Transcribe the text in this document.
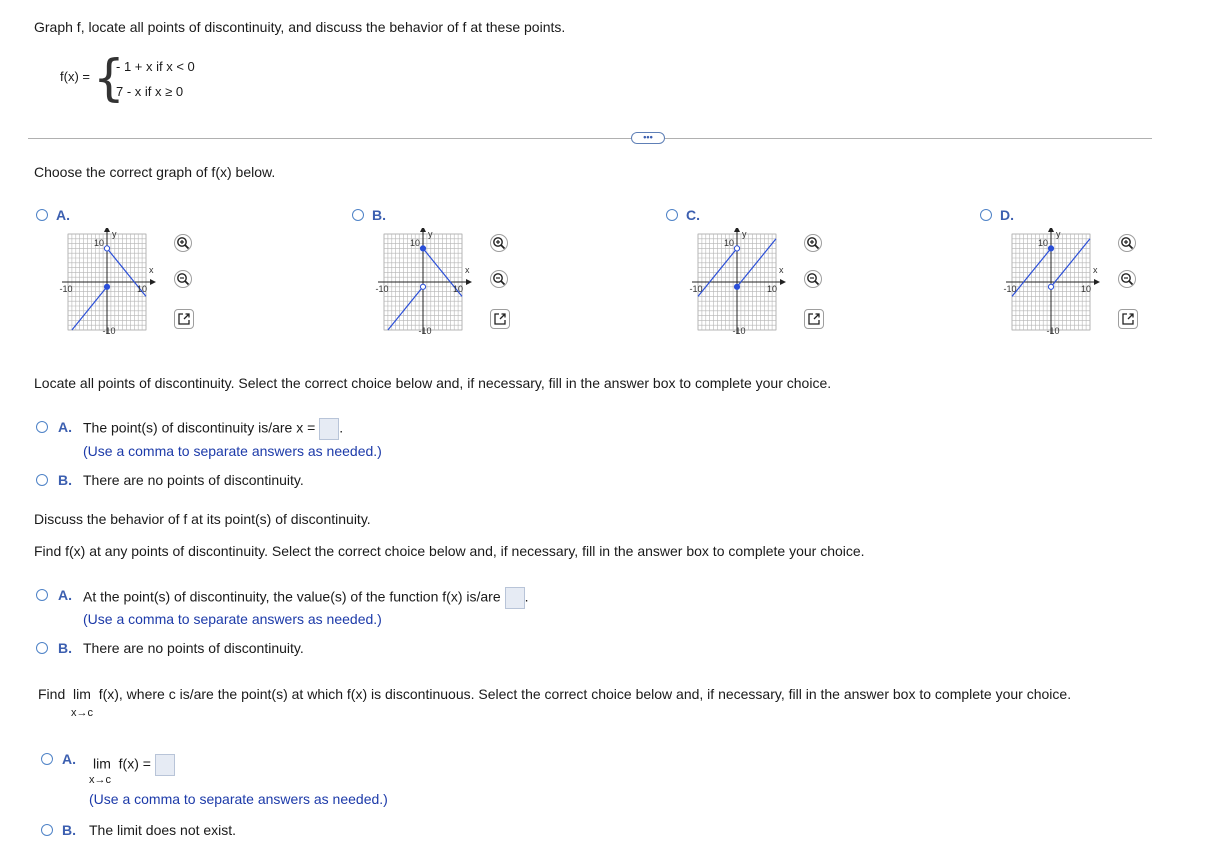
Graph f, locate all points of discontinuity, and discuss the behavior of f at these points.
f(x) = {
- 1 + x if x < 0
7 - x if x ≥ 0
•••
Choose the correct graph of f(x) below.
A.
y
10
x
-10	10
-10
B.
y
10
x
-10	10
-10
C.
y
10
x
-10	10
-10
D.
y
10
x
-10	10
-10
Locate all points of discontinuity. Select the correct choice below and, if necessary, fill in the answer box to complete your choice.
A. The point(s) of discontinuity is/are x = .
(Use a comma to separate answers as needed.)
B. There are no points of discontinuity.
Discuss the behavior of f at its point(s) of discontinuity.
Find f(x) at any points of discontinuity. Select the correct choice below and, if necessary, fill in the answer box to complete your choice.
A. At the point(s) of discontinuity, the value(s) of the function f(x) is/are .
(Use a comma to separate answers as needed.)
B. There are no points of discontinuity.
Find lim f(x), where c is/are the point(s) at which f(x) is discontinuous. Select the correct choice below and, if necessary, fill in the answer box to complete your choice.
x→c
A. lim f(x) =
x→c
(Use a comma to separate answers as needed.)
B. The limit does not exist.
